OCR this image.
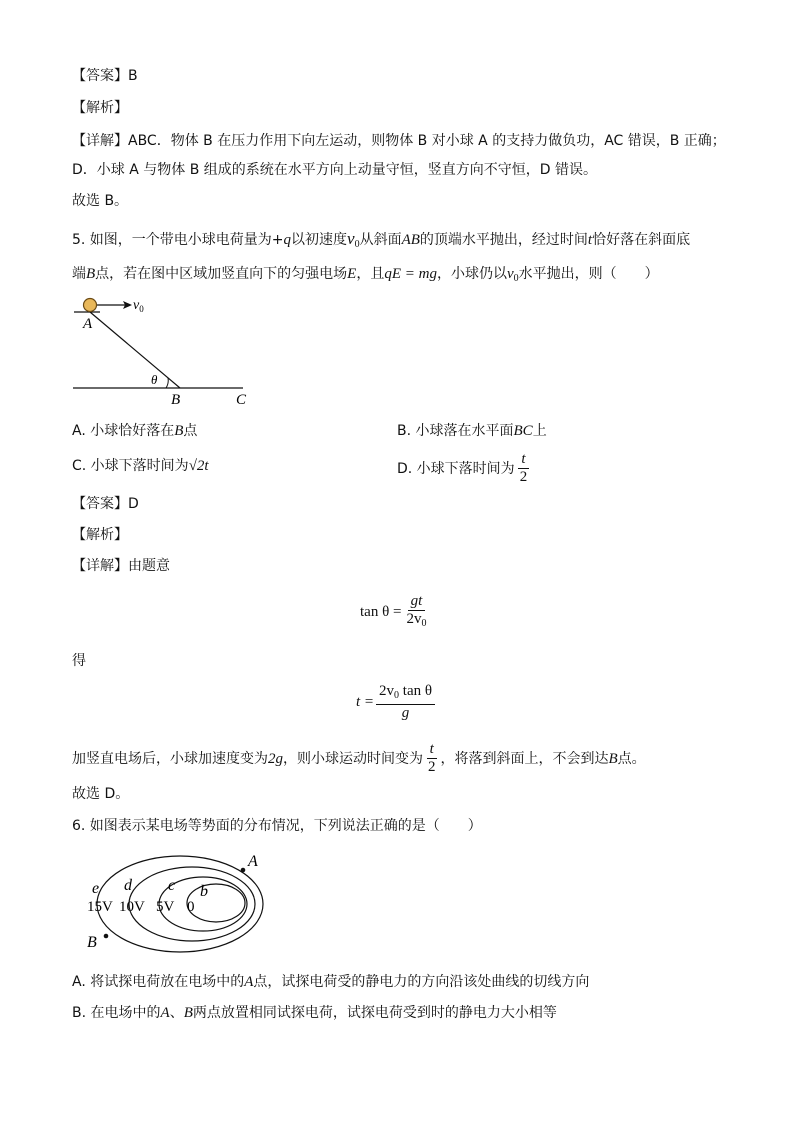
【答案】B
【解析】
【详解】ABC．物体 B 在压力作用下向左运动，则物体 B 对小球 A 的支持力做负功，AC 错误，B 正确；
D．小球 A 与物体 B 组成的系统在水平方向上动量守恒，竖直方向不守恒，D 错误。
故选 B。
5. 如图，一个带电小球电荷量为+q以初速度$v_0$从斜面AB的顶端水平抛出，经过时间t恰好落在斜面底
端B点，若在图中区域加竖直向下的匀强电场E，且qE = mg，小球仍以$v_0$水平抛出，则（　　）
A
θ
B	C
$v_0$
A. 小球恰好落在B点	B. 小球落在水平面BC上
C. 小球下落时间为√2t	D. 小球下落时间为 $\frac{t}{2}$
【答案】D
【解析】
【详解】由题意
$\tan \theta = \frac{gt}{2v_0}$
得
$t = \frac{2v_0 \tan \theta}{g}$
加竖直电场后，小球加速度变为 2g ，则小球运动时间变为 $\frac{t}{2}$ ，将落到斜面上，不会到达 B 点。
故选 D。
6. 如图表示某电场等势面的分布情况，下列说法正确的是（　　）
A
B
e d c b
15V 10V 5V 0
A. 将试探电荷放在电场中的A点，试探电荷受的静电力的方向沿该处曲线的切线方向
B. 在电场中的A、B两点放置相同试探电荷，试探电荷受到时的静电力大小相等
